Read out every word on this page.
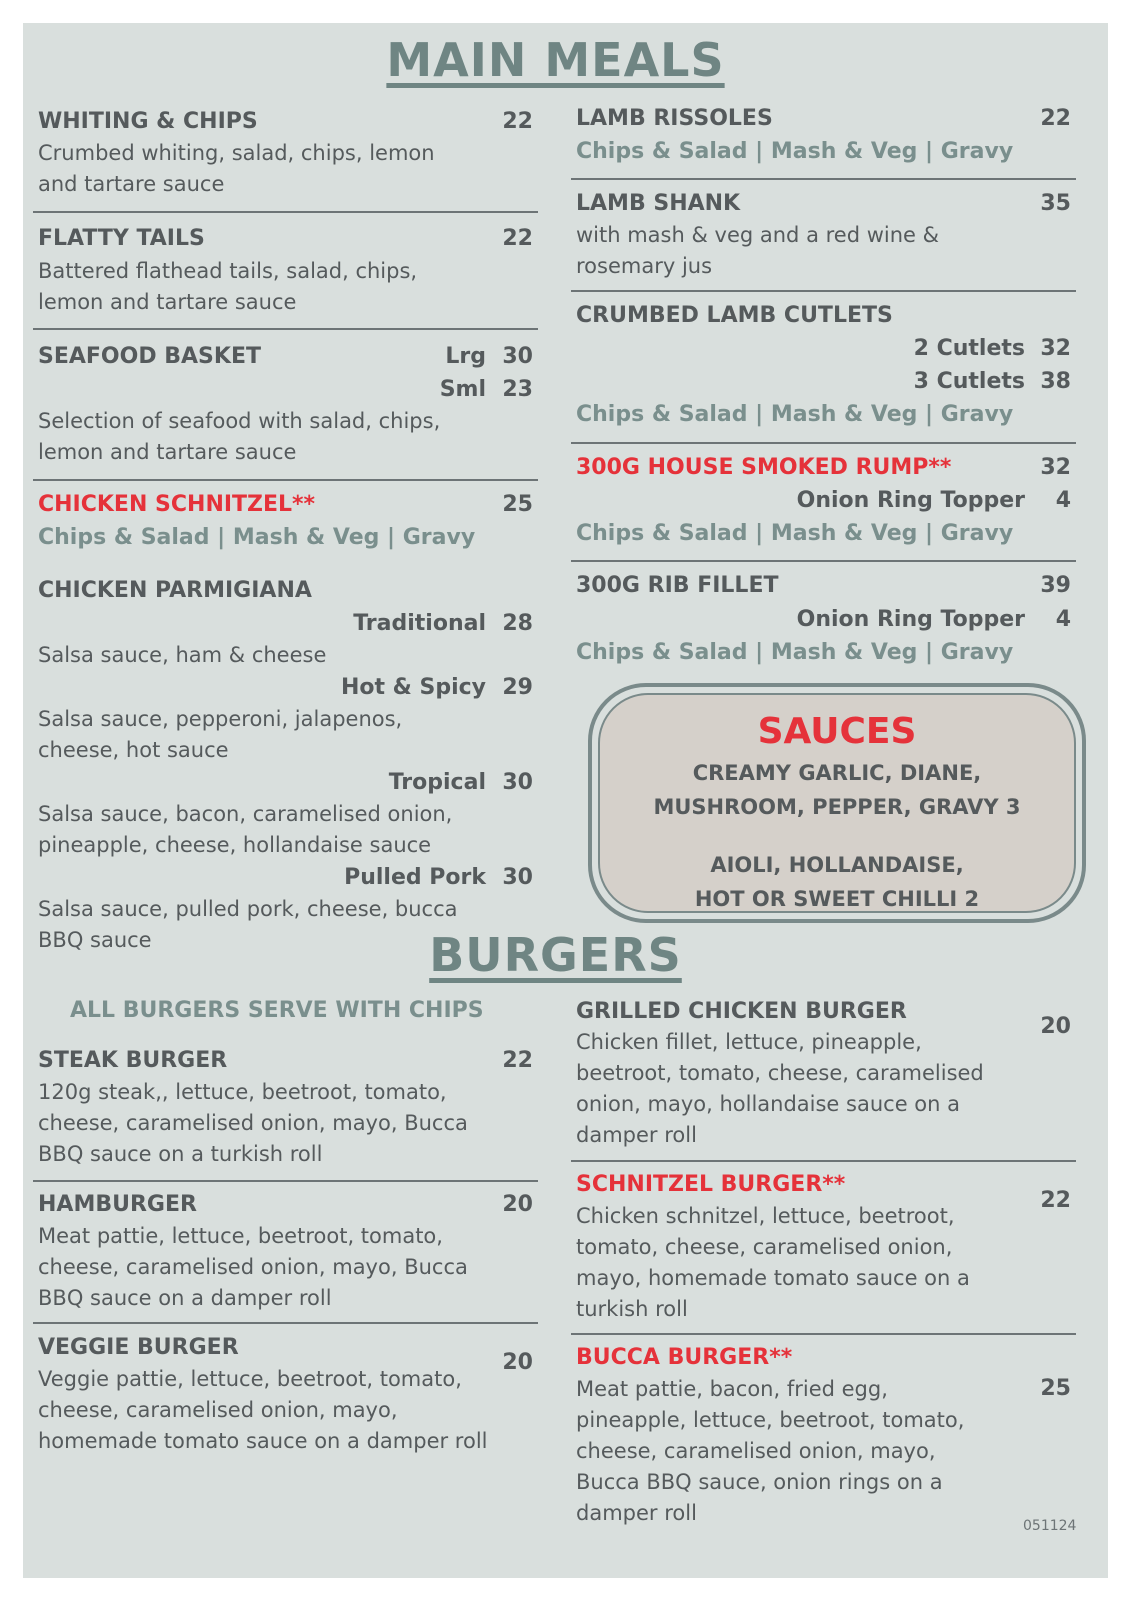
MAIN MEALS
WHITING & CHIPS	22
Crumbed whiting, salad, chips, lemon and tartare sauce
FLATTY TAILS	22
Battered flathead tails, salad, chips, lemon and tartare sauce
SEAFOOD BASKET	Lrg 30
Sml 23
Selection of seafood with salad, chips, lemon and tartare sauce
CHICKEN SCHNITZEL**	25
Chips & Salad | Mash & Veg | Gravy
CHICKEN PARMIGIANA
Traditional 28
Salsa sauce, ham & cheese
Hot & Spicy 29
Salsa sauce, pepperoni, jalapenos, cheese, hot sauce
Tropical 30
Salsa sauce, bacon, caramelised onion, pineapple, cheese, hollandaise sauce
Pulled Pork 30
Salsa sauce, pulled pork, cheese, bucca BBQ sauce
LAMB RISSOLES	22
Chips & Salad | Mash & Veg | Gravy
LAMB SHANK	35
with mash & veg and a red wine & rosemary jus
CRUMBED LAMB CUTLETS
2 Cutlets 32
3 Cutlets 38
Chips & Salad | Mash & Veg | Gravy
300G HOUSE SMOKED RUMP**	32
Onion Ring Topper	4
Chips & Salad | Mash & Veg | Gravy
300G RIB FILLET	39
Onion Ring Topper	4
Chips & Salad | Mash & Veg | Gravy
SAUCES
CREAMY GARLIC, DIANE,
MUSHROOM, PEPPER, GRAVY 3
AIOLI, HOLLANDAISE,
HOT OR SWEET CHILLI 2
BURGERS
ALL BURGERS SERVE WITH CHIPS
STEAK BURGER	22
120g steak,, lettuce, beetroot, tomato, cheese, caramelised onion, mayo, Bucca BBQ sauce on a turkish roll
HAMBURGER	20
Meat pattie, lettuce, beetroot, tomato, cheese, caramelised onion, mayo, Bucca BBQ sauce on a damper roll
VEGGIE BURGER
20
Veggie pattie, lettuce, beetroot, tomato, cheese, caramelised onion, mayo, homemade tomato sauce on a damper roll
GRILLED CHICKEN BURGER
20
Chicken fillet, lettuce, pineapple, beetroot, tomato, cheese, caramelised onion, mayo, hollandaise sauce on a damper roll
SCHNITZEL BURGER**
22
Chicken schnitzel, lettuce, beetroot, tomato, cheese, caramelised onion, mayo, homemade tomato sauce on a turkish roll
BUCCA BURGER**
25
Meat pattie, bacon, fried egg, pineapple, lettuce, beetroot, tomato, cheese, caramelised onion, mayo, Bucca BBQ sauce, onion rings on a damper roll
051124
